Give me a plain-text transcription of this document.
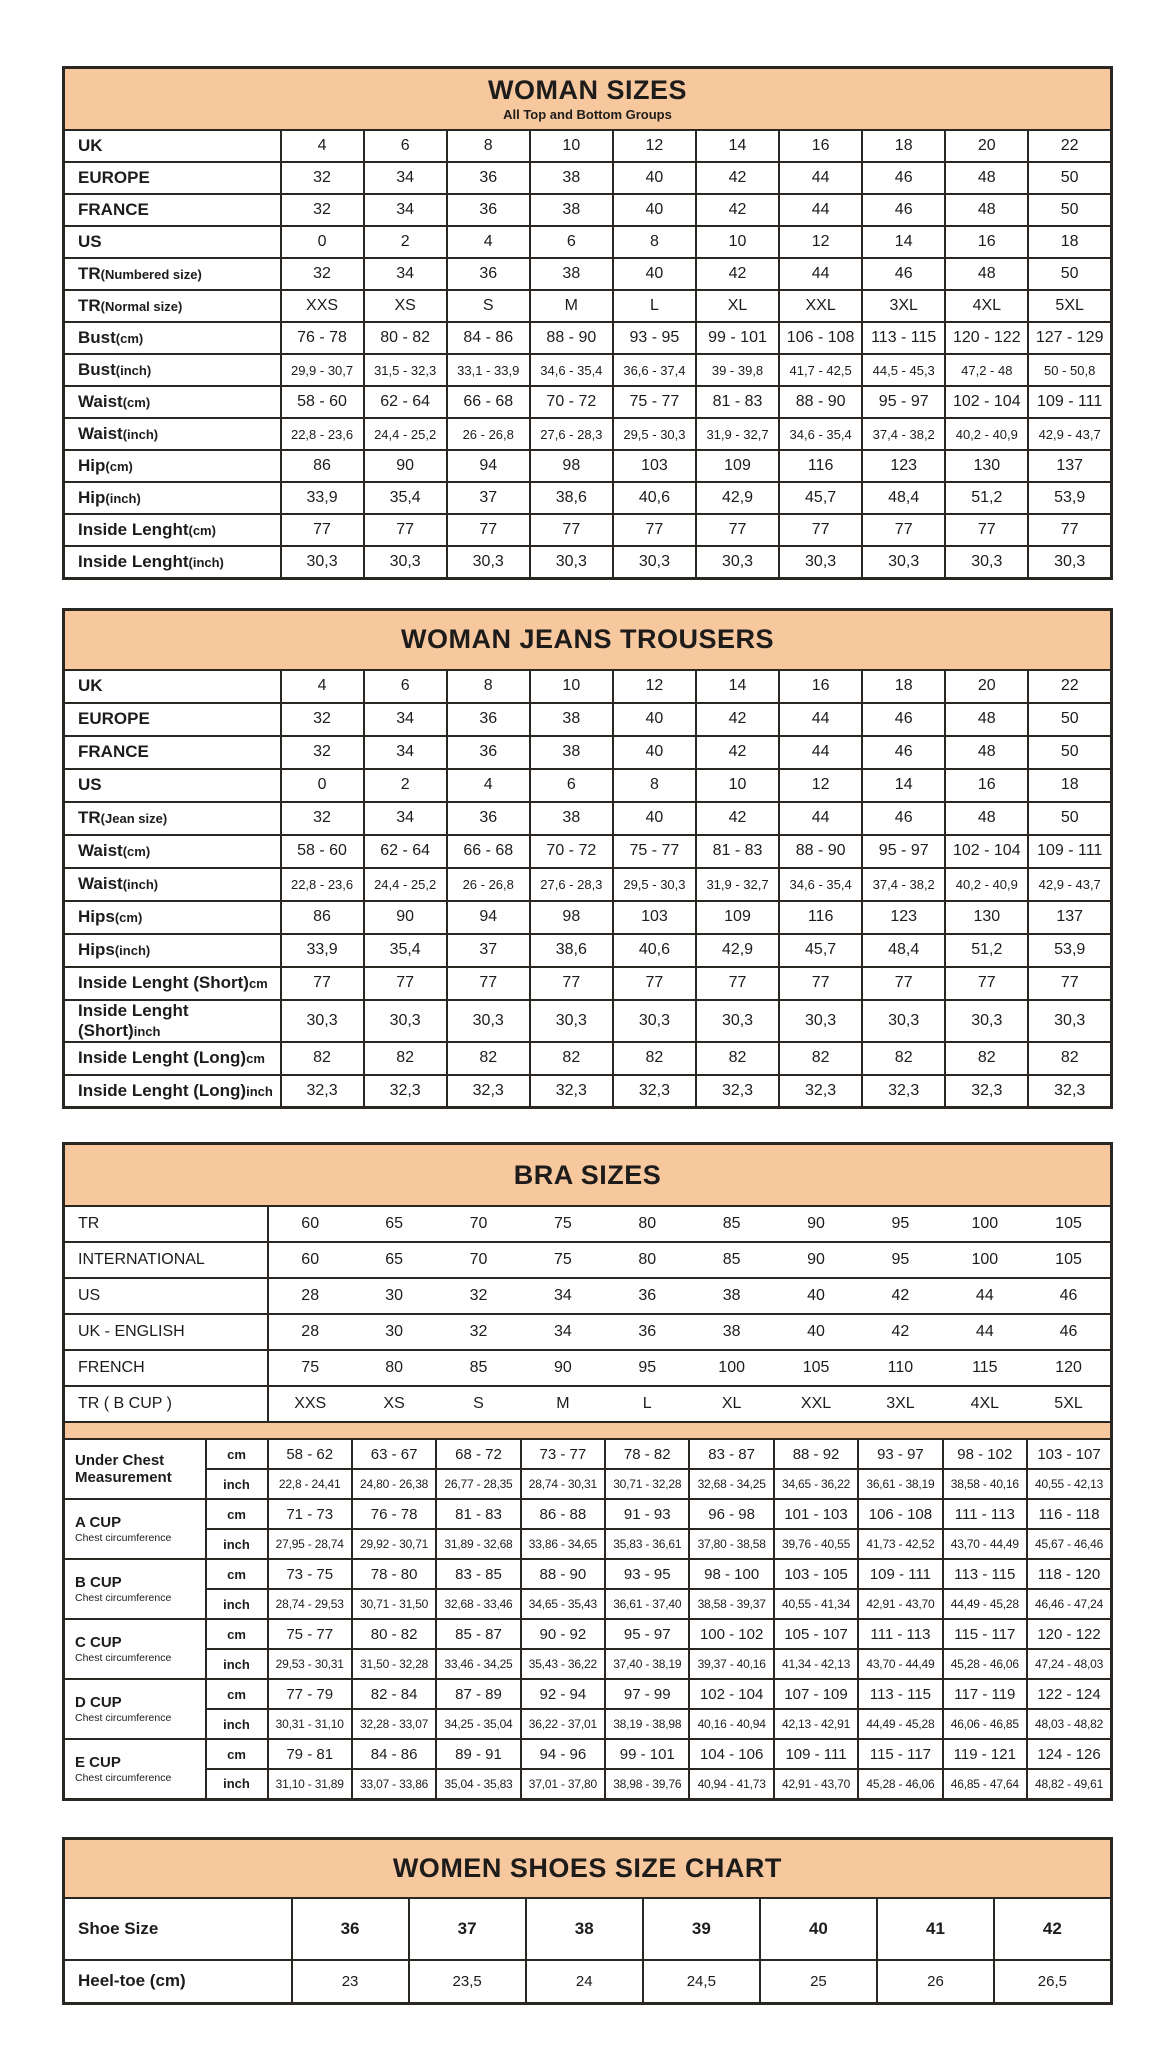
WOMAN SIZES
All Top and Bottom Groups										

UK	4	6	8	10	12	14	16	18	20	22
EUROPE	32	34	36	38	40	42	44	46	48	50
FRANCE	32	34	36	38	40	42	44	46	48	50
US	0	2	4	6	8	10	12	14	16	18
TR(Numbered size)	32	34	36	38	40	42	44	46	48	50
TR(Normal size)	XXS	XS	S	M	L	XL	XXL	3XL	4XL	5XL
Bust(cm)	76 - 78	80 - 82	84 - 86	88 - 90	93 - 95	99 - 101	106 - 108	113 - 115	120 - 122	127 - 129
Bust(inch)	29,9 - 30,7	31,5 - 32,3	33,1 - 33,9	34,6 - 35,4	36,6 - 37,4	39 - 39,8	41,7 - 42,5	44,5 - 45,3	47,2 - 48	50 - 50,8
Waist(cm)	58 - 60	62 - 64	66 - 68	70 - 72	75 - 77	81 - 83	88 - 90	95 - 97	102 - 104	109 - 111
Waist(inch)	22,8 - 23,6	24,4 - 25,2	26 - 26,8	27,6 - 28,3	29,5 - 30,3	31,9 - 32,7	34,6 - 35,4	37,4 - 38,2	40,2 - 40,9	42,9 - 43,7
Hip(cm)	86	90	94	98	103	109	116	123	130	137
Hip(inch)	33,9	35,4	37	38,6	40,6	42,9	45,7	48,4	51,2	53,9
Inside Lenght(cm)	77	77	77	77	77	77	77	77	77	77
Inside Lenght(inch)	30,3	30,3	30,3	30,3	30,3	30,3	30,3	30,3	30,3	30,3
WOMAN JEANS TROUSERS										

UK	4	6	8	10	12	14	16	18	20	22
EUROPE	32	34	36	38	40	42	44	46	48	50
FRANCE	32	34	36	38	40	42	44	46	48	50
US	0	2	4	6	8	10	12	14	16	18
TR(Jean size)	32	34	36	38	40	42	44	46	48	50
Waist(cm)	58 - 60	62 - 64	66 - 68	70 - 72	75 - 77	81 - 83	88 - 90	95 - 97	102 - 104	109 - 111
Waist(inch)	22,8 - 23,6	24,4 - 25,2	26 - 26,8	27,6 - 28,3	29,5 - 30,3	31,9 - 32,7	34,6 - 35,4	37,4 - 38,2	40,2 - 40,9	42,9 - 43,7
Hips(cm)	86	90	94	98	103	109	116	123	130	137
Hips(inch)	33,9	35,4	37	38,6	40,6	42,9	45,7	48,4	51,2	53,9
Inside Lenght (Short)cm	77	77	77	77	77	77	77	77	77	77
Inside Lenght (Short)inch	30,3	30,3	30,3	30,3	30,3	30,3	30,3	30,3	30,3	30,3
Inside Lenght (Long)cm	82	82	82	82	82	82	82	82	82	82
Inside Lenght (Long)inch	32,3	32,3	32,3	32,3	32,3	32,3	32,3	32,3	32,3	32,3
BRA SIZES											

TR		60	65	70	75	80	85	90	95	100	105
INTERNATIONAL		60	65	70	75	80	85	90	95	100	105
US		28	30	32	34	36	38	40	42	44	46
UK - ENGLISH		28	30	32	34	36	38	40	42	44	46
FRENCH		75	80	85	90	95	100	105	110	115	120
TR ( B CUP )		XXS	XS	S	M	L	XL	XXL	3XL	4XL	5XL

Under Chest Measurement	cm	58 - 62	63 - 67	68 - 72	73 - 77	78 - 82	83 - 87	88 - 92	93 - 97	98 - 102	103 - 107
	inch	22,8 - 24,41	24,80 - 26,38	26,77 - 28,35	28,74 - 30,31	30,71 - 32,28	32,68 - 34,25	34,65 - 36,22	36,61 - 38,19	38,58 - 40,16	40,55 - 42,13

A CUP
Chest circumference	cm	71 - 73	76 - 78	81 - 83	86 - 88	91 - 93	96 - 98	101 - 103	106 - 108	111 - 113	116 - 118
	inch	27,95 - 28,74	29,92 - 30,71	31,89 - 32,68	33,86 - 34,65	35,83 - 36,61	37,80 - 38,58	39,76 - 40,55	41,73 - 42,52	43,70 - 44,49	45,67 - 46,46

B CUP
Chest circumference	cm	73 - 75	78 - 80	83 - 85	88 - 90	93 - 95	98 - 100	103 - 105	109 - 111	113 - 115	118 - 120
	inch	28,74 - 29,53	30,71 - 31,50	32,68 - 33,46	34,65 - 35,43	36,61 - 37,40	38,58 - 39,37	40,55 - 41,34	42,91 - 43,70	44,49 - 45,28	46,46 - 47,24

C CUP
Chest circumference	cm	75 - 77	80 - 82	85 - 87	90 - 92	95 - 97	100 - 102	105 - 107	111 - 113	115 - 117	120 - 122
	inch	29,53 - 30,31	31,50 - 32,28	33,46 - 34,25	35,43 - 36,22	37,40 - 38,19	39,37 - 40,16	41,34 - 42,13	43,70 - 44,49	45,28 - 46,06	47,24 - 48,03

D CUP
Chest circumference	cm	77 - 79	82 - 84	87 - 89	92 - 94	97 - 99	102 - 104	107 - 109	113 - 115	117 - 119	122 - 124
	inch	30,31 - 31,10	32,28 - 33,07	34,25 - 35,04	36,22 - 37,01	38,19 - 38,98	40,16 - 40,94	42,13 - 42,91	44,49 - 45,28	46,06 - 46,85	48,03 - 48,82

E CUP
Chest circumference	cm	79 - 81	84 - 86	89 - 91	94 - 96	99 - 101	104 - 106	109 - 111	115 - 117	119 - 121	124 - 126
	inch	31,10 - 31,89	33,07 - 33,86	35,04 - 35,83	37,01 - 37,80	38,98 - 39,76	40,94 - 41,73	42,91 - 43,70	45,28 - 46,06	46,85 - 47,64	48,82 - 49,61
WOMEN SHOES SIZE CHART							

Shoe Size	36	37	38	39	40	41	42
Heel-toe (cm)	23	23,5	24	24,5	25	26	26,5
